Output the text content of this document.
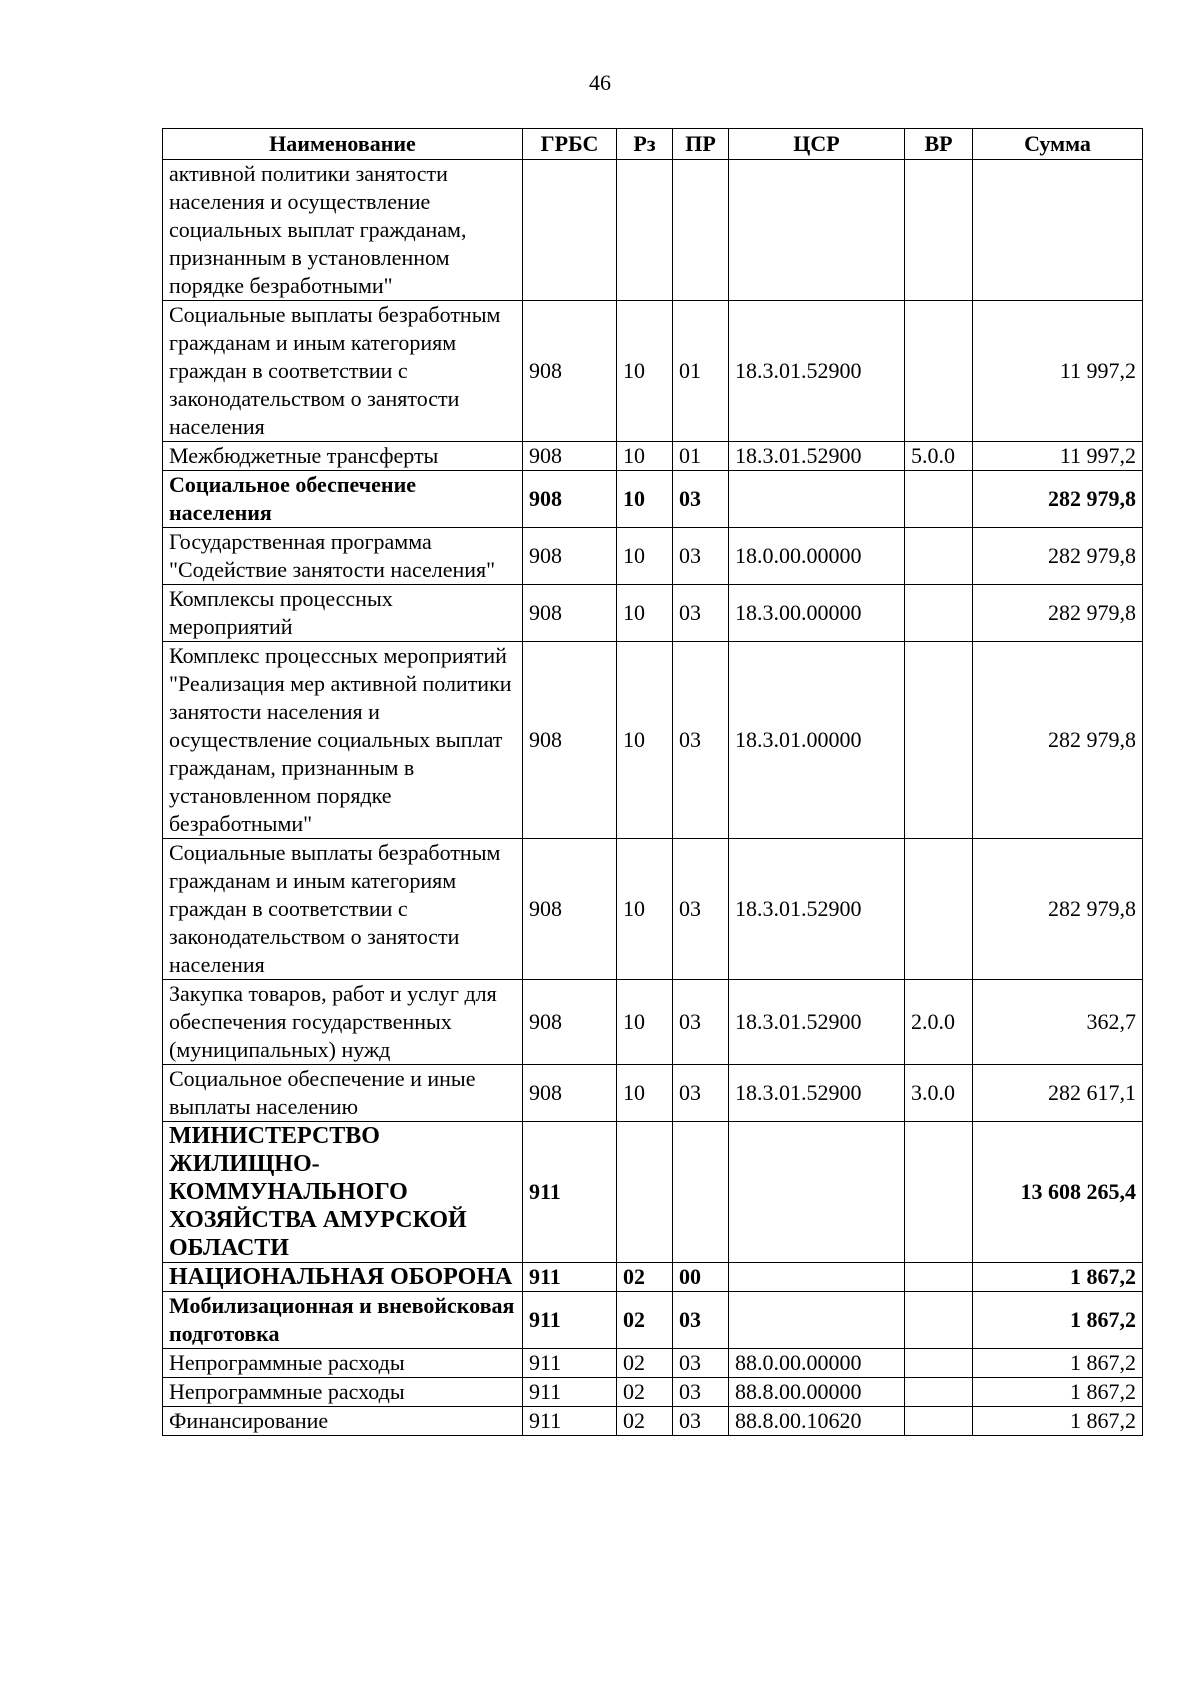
46
Наименование	ГРБС	Рз	ПР	ЦСР	ВР	Сумма
активной политики занятости населения и осуществление социальных выплат гражданам, признанным в установленном порядке безработными"						
Социальные выплаты безработным гражданам и иным категориям граждан в соответствии с законодательством о занятости населения	908	10	01	18.3.01.52900		11 997,2
Межбюджетные трансферты	908	10	01	18.3.01.52900	5.0.0	11 997,2
Социальное обеспечение населения	908	10	03			282 979,8
Государственная программа "Содействие занятости населения"	908	10	03	18.0.00.00000		282 979,8
Комплексы процессных мероприятий	908	10	03	18.3.00.00000		282 979,8
Комплекс процессных мероприятий "Реализация мер активной политики занятости населения и осуществление социальных выплат гражданам, признанным в установленном порядке безработными"	908	10	03	18.3.01.00000		282 979,8
Социальные выплаты безработным гражданам и иным категориям граждан в соответствии с законодательством о занятости населения	908	10	03	18.3.01.52900		282 979,8
Закупка товаров, работ и услуг для обеспечения государственных (муниципальных) нужд	908	10	03	18.3.01.52900	2.0.0	362,7
Социальное обеспечение и иные выплаты населению	908	10	03	18.3.01.52900	3.0.0	282 617,1
МИНИСТЕРСТВО ЖИЛИЩНО-КОММУНАЛЬНОГО ХОЗЯЙСТВА АМУРСКОЙ ОБЛАСТИ	911					13 608 265,4
НАЦИОНАЛЬНАЯ ОБОРОНА	911	02	00			1 867,2
Мобилизационная и вневойсковая подготовка	911	02	03			1 867,2
Непрограммные расходы	911	02	03	88.0.00.00000		1 867,2
Непрограммные расходы	911	02	03	88.8.00.00000		1 867,2
Финансирование	911	02	03	88.8.00.10620		1 867,2
